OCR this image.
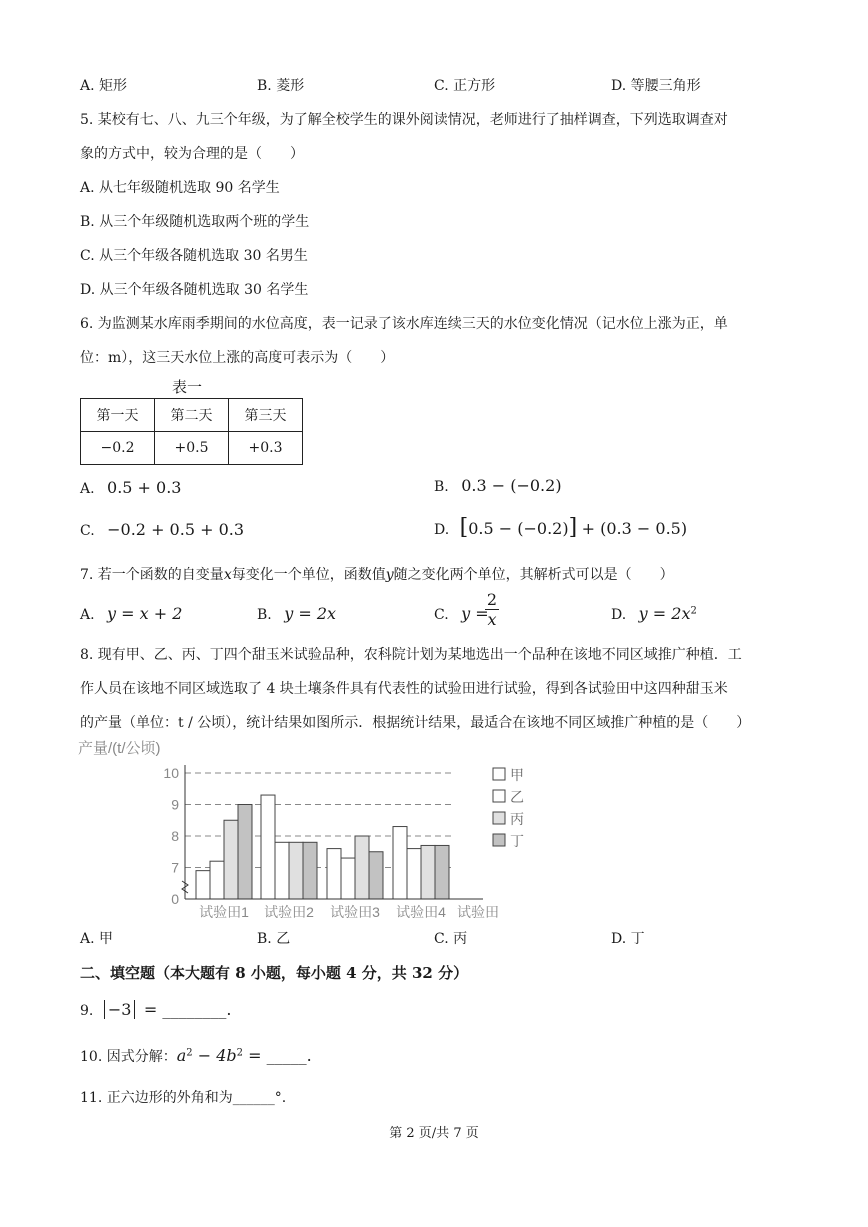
A. 矩形	B. 菱形	C. 正方形	D. 等腰三角形
5. 某校有七、八、九三个年级，为了解全校学生的课外阅读情况，老师进行了抽样调查，下列选取调查对
象的方式中，较为合理的是（　　）
A. 从七年级随机选取 90 名学生
B. 从三个年级随机选取两个班的学生
C. 从三个年级各随机选取 30 名男生
D. 从三个年级各随机选取 30 名学生
6. 为监测某水库雨季期间的水位高度，表一记录了该水库连续三天的水位变化情况（记水位上涨为正，单
位：m），这三天水位上涨的高度可表示为（　　）
表一
第一天	第二天	第三天
−0.2	+0.5	+0.3
A. 0.5 + 0.3	B. 0.3 − (−0.2)
C. −0.2 + 0.5 + 0.3	D. [0.5 − (−0.2)] + (0.3 − 0.5)
7. 若一个函数的自变量x每变化一个单位，函数值y随之变化两个单位，其解析式可以是（　　）
A. y = x + 2	B. y = 2x	C. y =
$\frac{2}{x}$	D. $y = 2x^2$
8. 现有甲、乙、丙、丁四个甜玉米试验品种，农科院计划为某地选出一个品种在该地不同区域推广种植．工
作人员在该地不同区域选取了 4 块土壤条件具有代表性的试验田进行试验，得到各试验田中这四种甜玉米
的产量（单位：t / 公顷），统计结果如图所示．根据统计结果，最适合在该地不同区域推广种植的是（　　）
产量/(t/公顷)
0
7
8
9
10
试验田1 试验田2 试验田3 试验田4 试验田
甲
乙
丙
丁
A. 甲	B. 乙	C. 丙	D. 丁
二、填空题（本大题有 8 小题，每小题 4 分，共 32 分）
9. −3 = ________.
10. 因式分解：$a^2 - 4b^2$ = _____.
11. 正六边形的外角和为______°.
第 2 页/共 7 页
